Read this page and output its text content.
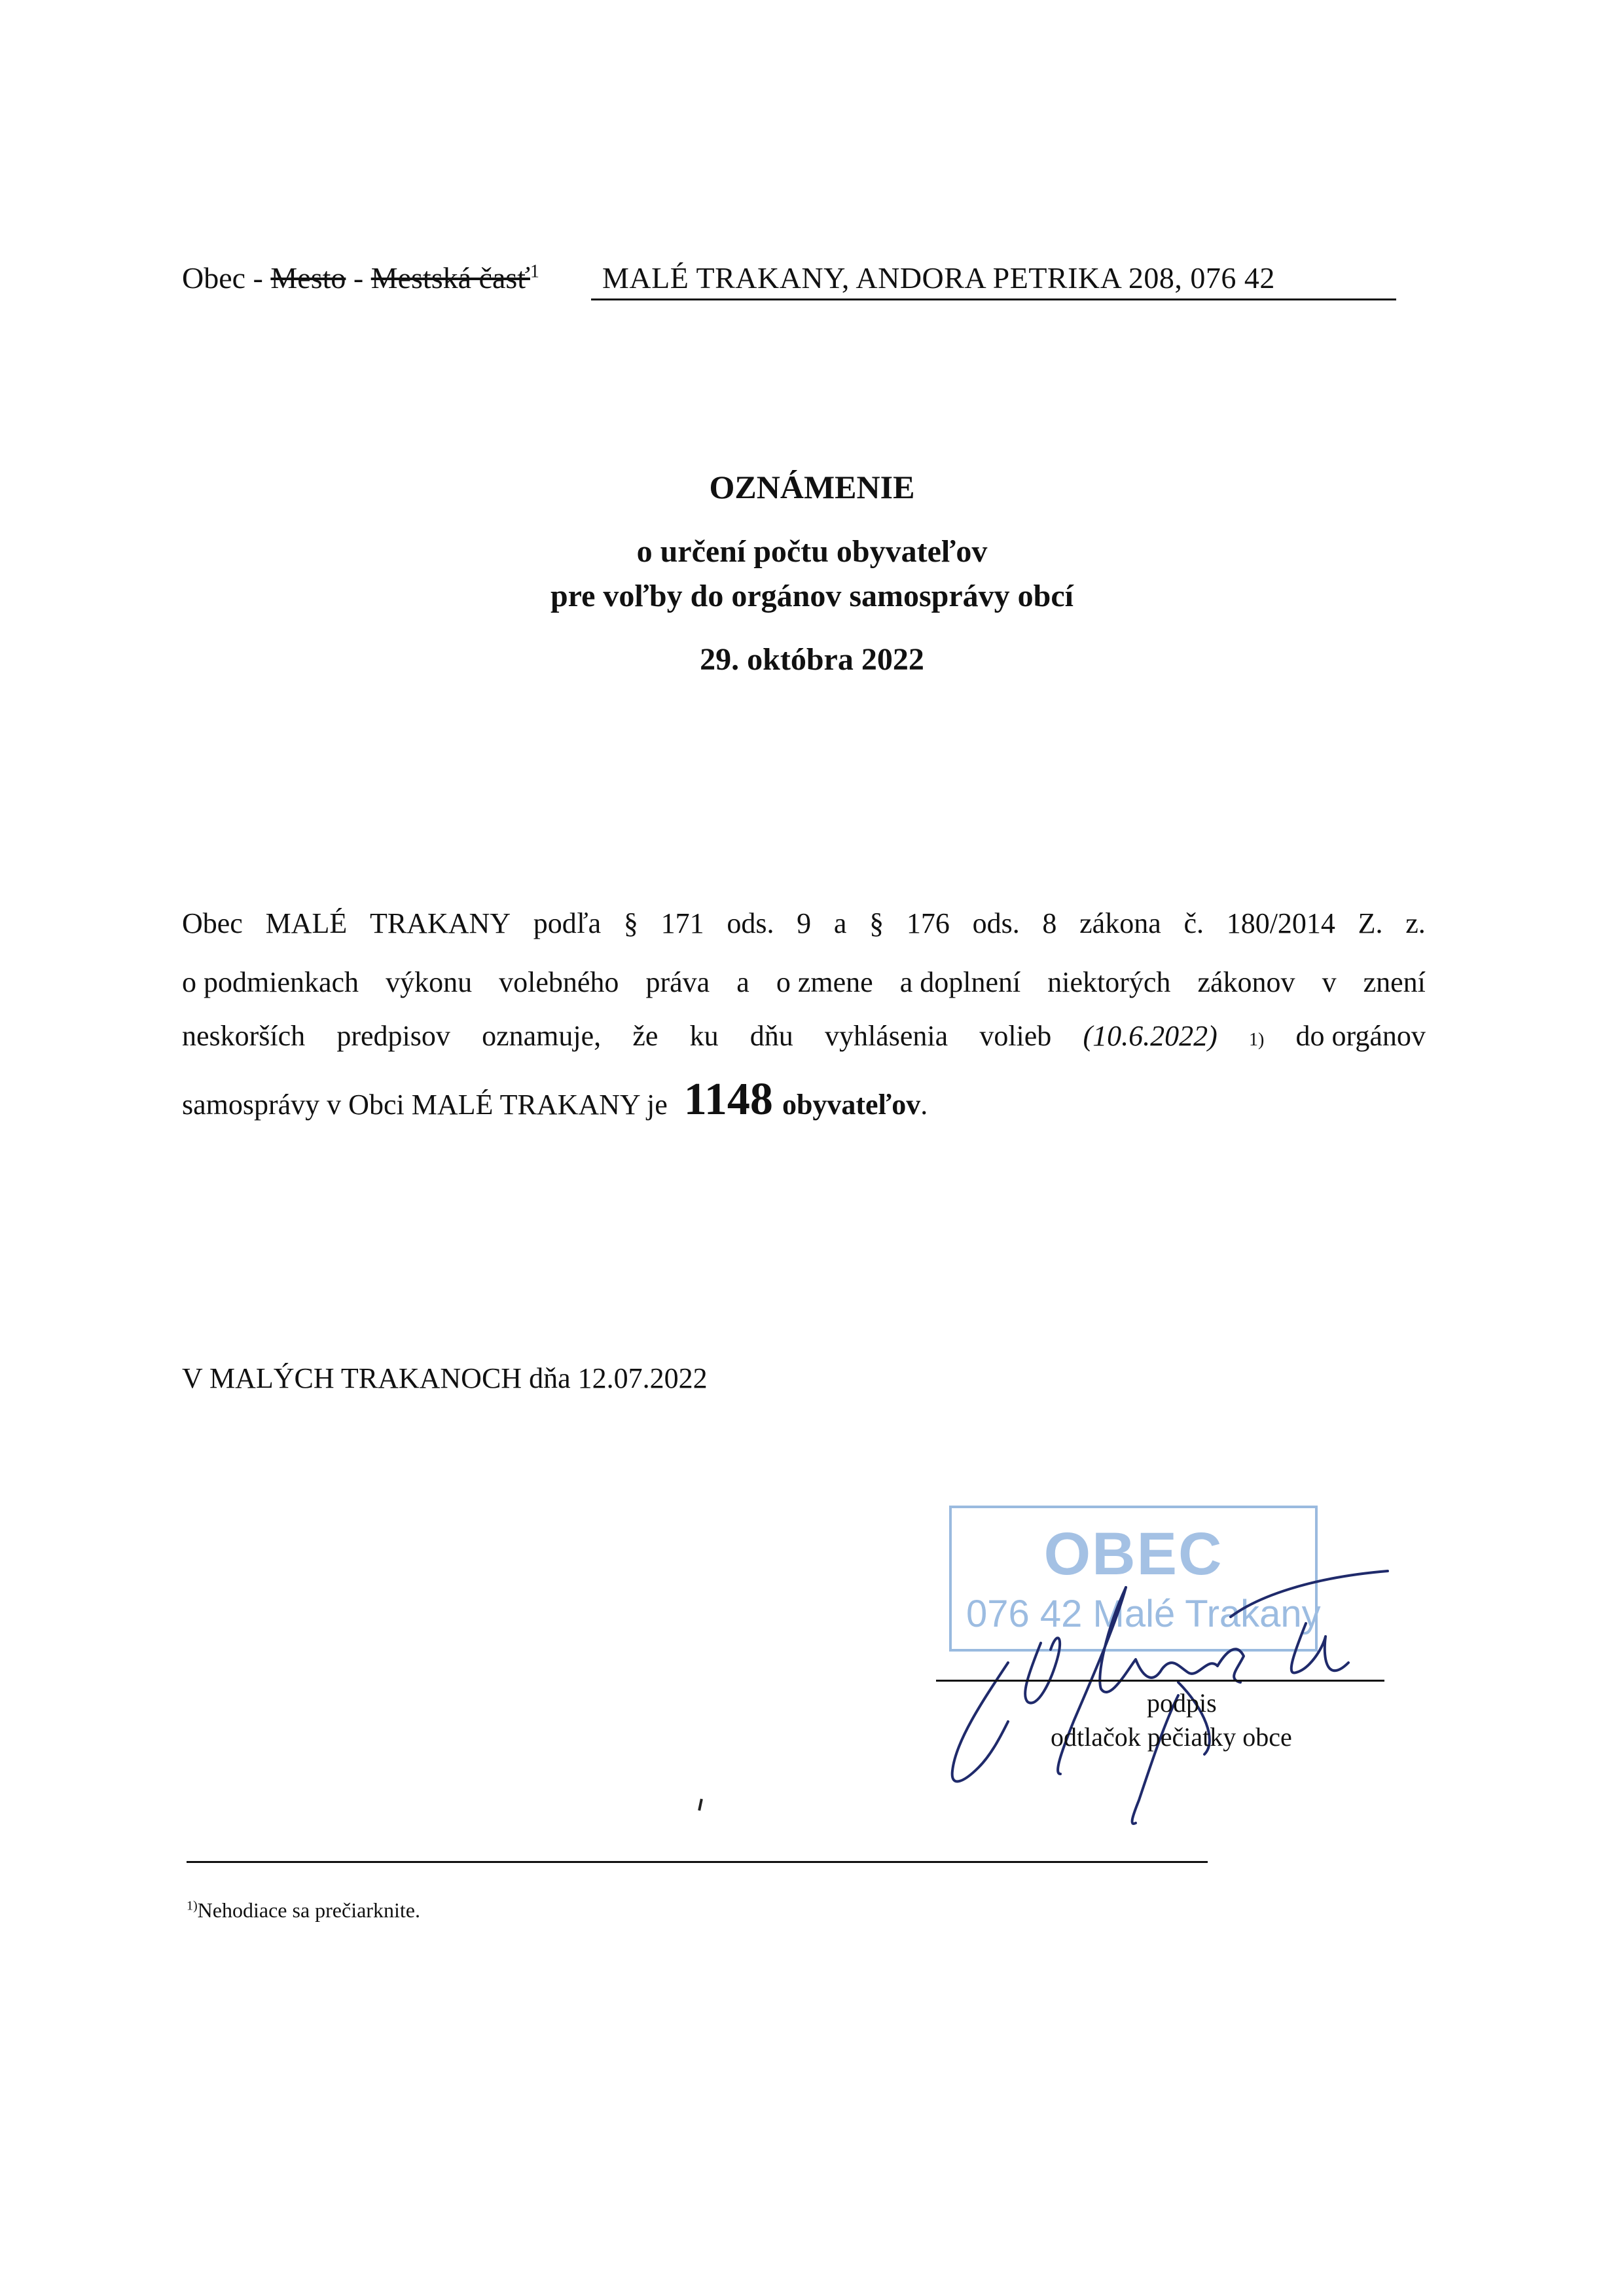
Obec - Mesto - Mestská časť$^1$ MALÉ TRAKANY, ANDORA PETRIKA 208, 076 42
OZNÁMENIE
o určení počtu obyvateľov
pre voľby do orgánov samosprávy obcí
29. októbra 2022
Obec MALÉ TRAKANY podľa § 171 ods. 9 a § 176 ods. 8 zákona č. 180/2014 Z. z.
o podmienkach výkonu volebného práva a o zmene a doplnení niektorých zákonov v znení
neskorších predpisov oznamuje, že ku dňu vyhlásenia volieb (10.6.2022) 1) do orgánov
samosprávy v Obci MALÉ TRAKANY je 1148 obyvateľov.
V MALÝCH TRAKANOCH dňa 12.07.2022
OBEC
076 42 Malé Trakany
podpis
odtlačok pečiatky obce
$^{1)}$Nehodiace sa prečiarknite.
